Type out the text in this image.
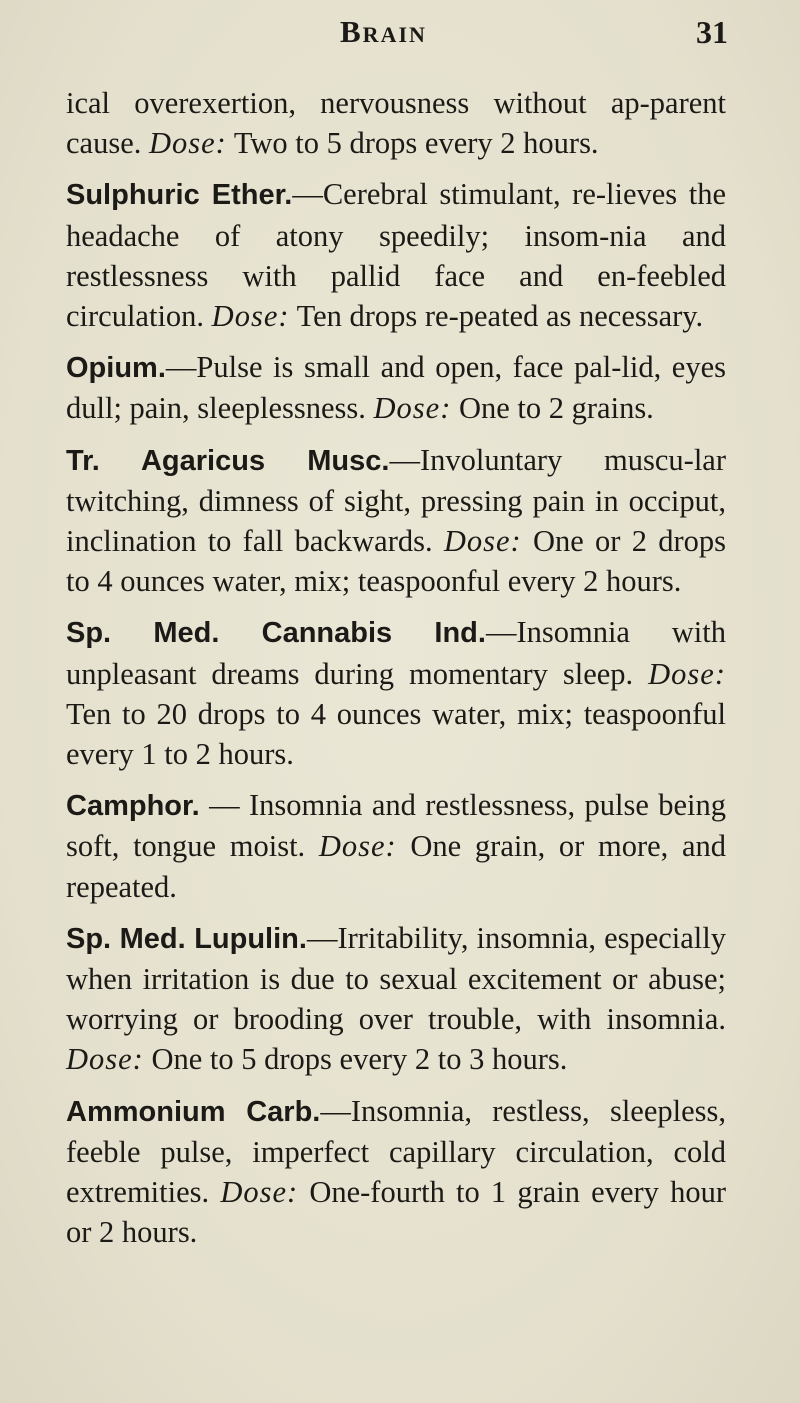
Brain	31

ical overexertion, nervousness without ap-parent cause. Dose: Two to 5 drops every 2 hours.

Sulphuric Ether.—Cerebral stimulant, re-lieves the headache of atony speedily; insom-nia and restlessness with pallid face and en-feebled circulation. Dose: Ten drops re-peated as necessary.

Opium.—Pulse is small and open, face pal-lid, eyes dull; pain, sleeplessness. Dose: One to 2 grains.

Tr. Agaricus Musc.—Involuntary muscu-lar twitching, dimness of sight, pressing pain in occiput, inclination to fall backwards. Dose: One or 2 drops to 4 ounces water, mix; teaspoonful every 2 hours.

Sp. Med. Cannabis Ind.—Insomnia with unpleasant dreams during momentary sleep. Dose: Ten to 20 drops to 4 ounces water, mix; teaspoonful every 1 to 2 hours.

Camphor. — Insomnia and restlessness, pulse being soft, tongue moist. Dose: One grain, or more, and repeated.

Sp. Med. Lupulin.—Irritability, insomnia, especially when irritation is due to sexual excitement or abuse; worrying or brooding over trouble, with insomnia. Dose: One to 5 drops every 2 to 3 hours.

Ammonium Carb.—Insomnia, restless, sleepless, feeble pulse, imperfect capillary circulation, cold extremities. Dose: One-fourth to 1 grain every hour or 2 hours.
